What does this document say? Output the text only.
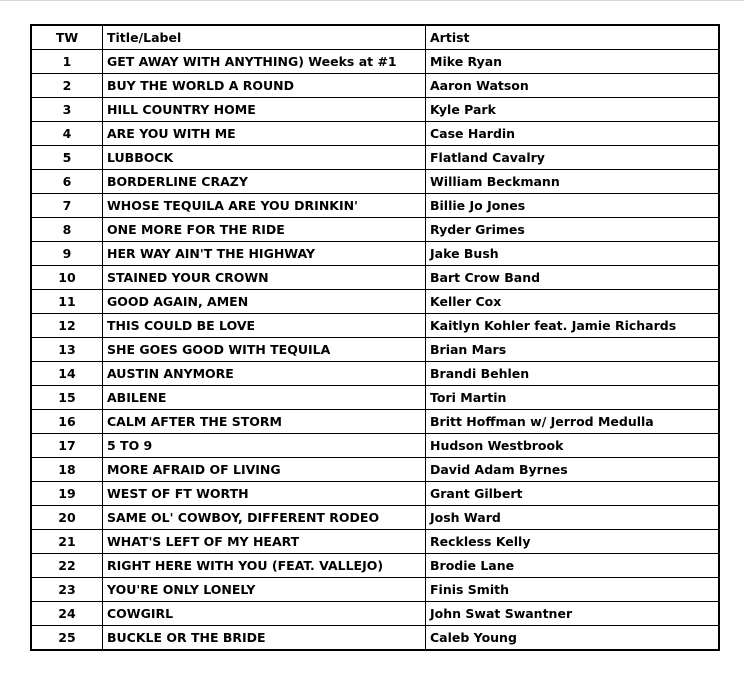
TW	Title/Label	Artist
1	GET AWAY WITH ANYTHING) Weeks at #1	Mike Ryan
2	BUY THE WORLD A ROUND	Aaron Watson
3	HILL COUNTRY HOME	Kyle Park
4	ARE YOU WITH ME	Case Hardin
5	LUBBOCK	Flatland Cavalry
6	BORDERLINE CRAZY	William Beckmann
7	WHOSE TEQUILA ARE YOU DRINKIN'	Billie Jo Jones
8	ONE MORE FOR THE RIDE	Ryder Grimes
9	HER WAY AIN'T THE HIGHWAY	Jake Bush
10	STAINED YOUR CROWN	Bart Crow Band
11	GOOD AGAIN, AMEN	Keller Cox
12	THIS COULD BE LOVE	Kaitlyn Kohler feat. Jamie Richards
13	SHE GOES GOOD WITH TEQUILA	Brian Mars
14	AUSTIN ANYMORE	Brandi Behlen
15	ABILENE	Tori Martin
16	CALM AFTER THE STORM	Britt Hoffman w/ Jerrod Medulla
17	5 TO 9	Hudson Westbrook
18	MORE AFRAID OF LIVING	David Adam Byrnes
19	WEST OF FT WORTH	Grant Gilbert
20	SAME OL' COWBOY, DIFFERENT RODEO	Josh Ward
21	WHAT'S LEFT OF MY HEART	Reckless Kelly
22	RIGHT HERE WITH YOU (FEAT. VALLEJO)	Brodie Lane
23	YOU'RE ONLY LONELY	Finis Smith
24	COWGIRL	John Swat Swantner
25	BUCKLE OR THE BRIDE	Caleb Young
